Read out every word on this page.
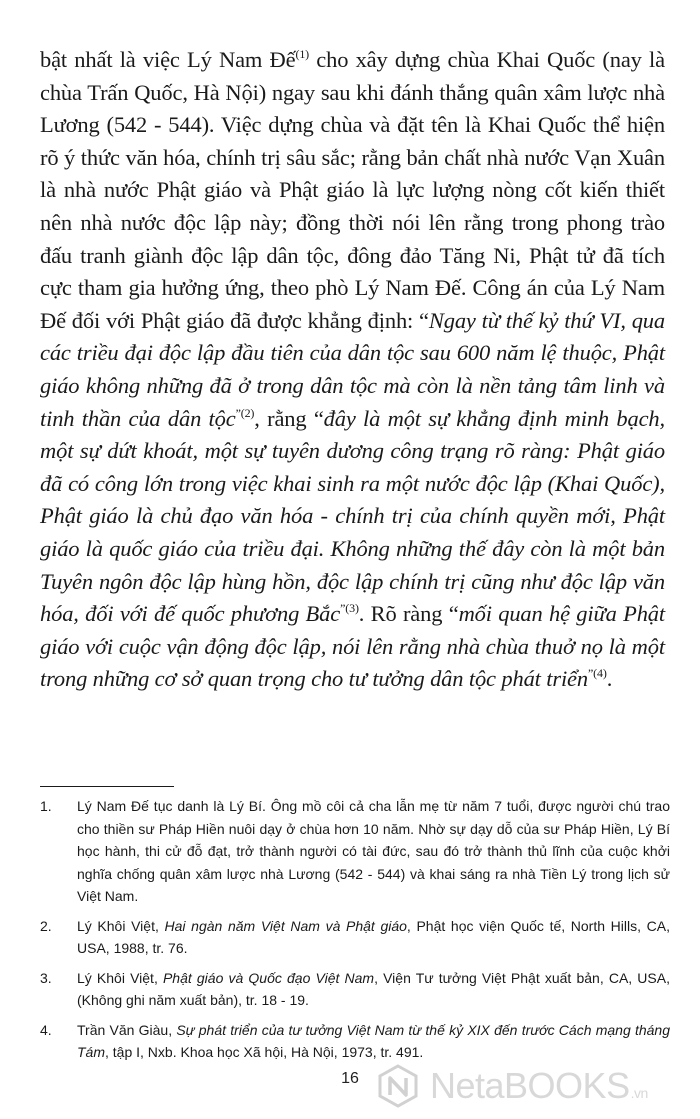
bật nhất là việc Lý Nam Đế$^{(1)}$ cho xây dựng chùa Khai Quốc (nay là chùa Trấn Quốc, Hà Nội) ngay sau khi đánh thắng quân xâm lược nhà Lương (542 - 544). Việc dựng chùa và đặt tên là Khai Quốc thể hiện rõ ý thức văn hóa, chính trị sâu sắc; rằng bản chất nhà nước Vạn Xuân là nhà nước Phật giáo và Phật giáo là lực lượng nòng cốt kiến thiết nên nhà nước độc lập này; đồng thời nói lên rằng trong phong trào đấu tranh giành độc lập dân tộc, đông đảo Tăng Ni, Phật tử đã tích cực tham gia hưởng ứng, theo phò Lý Nam Đế. Công án của Lý Nam Đế đối với Phật giáo đã được khẳng định: “Ngay từ thế kỷ thứ VI, qua các triều đại độc lập đầu tiên của dân tộc sau 600 năm lệ thuộc, Phật giáo không những đã ở trong dân tộc mà còn là nền tảng tâm linh và tinh thần của dân tộc$^{”(2)}$, rằng “đây là một sự khẳng định minh bạch, một sự dứt khoát, một sự tuyên dương công trạng rõ ràng: Phật giáo đã có công lớn trong việc khai sinh ra một nước độc lập (Khai Quốc), Phật giáo là chủ đạo văn hóa - chính trị của chính quyền mới, Phật giáo là quốc giáo của triều đại. Không những thế đây còn là một bản Tuyên ngôn độc lập hùng hồn, độc lập chính trị cũng như độc lập văn hóa, đối với đế quốc phương Bắc$^{”(3)}$. Rõ ràng “mối quan hệ giữa Phật giáo với cuộc vận động độc lập, nói lên rằng nhà chùa thuở nọ là một trong những cơ sở quan trọng cho tư tưởng dân tộc phát triển$^{”(4)}$.

1.	Lý Nam Đế tục danh là Lý Bí. Ông mồ côi cả cha lẫn mẹ từ năm 7 tuổi, được người chú trao cho thiền sư Pháp Hiền nuôi dạy ở chùa hơn 10 năm. Nhờ sự dạy dỗ của sư Pháp Hiền, Lý Bí học hành, thi cử đỗ đạt, trở thành người có tài đức, sau đó trở thành thủ lĩnh của cuộc khởi nghĩa chống quân xâm lược nhà Lương (542 - 544) và khai sáng ra nhà Tiền Lý trong lịch sử Việt Nam.
2.	Lý Khôi Việt, Hai ngàn năm Việt Nam và Phật giáo, Phật học viện Quốc tế, North Hills, CA, USA, 1988, tr. 76.
3.	Lý Khôi Việt, Phật giáo và Quốc đạo Việt Nam, Viện Tư tưởng Việt Phật xuất bản, CA, USA, (Không ghi năm xuất bản), tr. 18 - 19.
4.	Trần Văn Giàu, Sự phát triển của tư tưởng Việt Nam từ thế kỷ XIX đến trước Cách mạng tháng Tám, tập I, Nxb. Khoa học Xã hội, Hà Nội, 1973, tr. 491.
16	NetaBOOKS.vn
